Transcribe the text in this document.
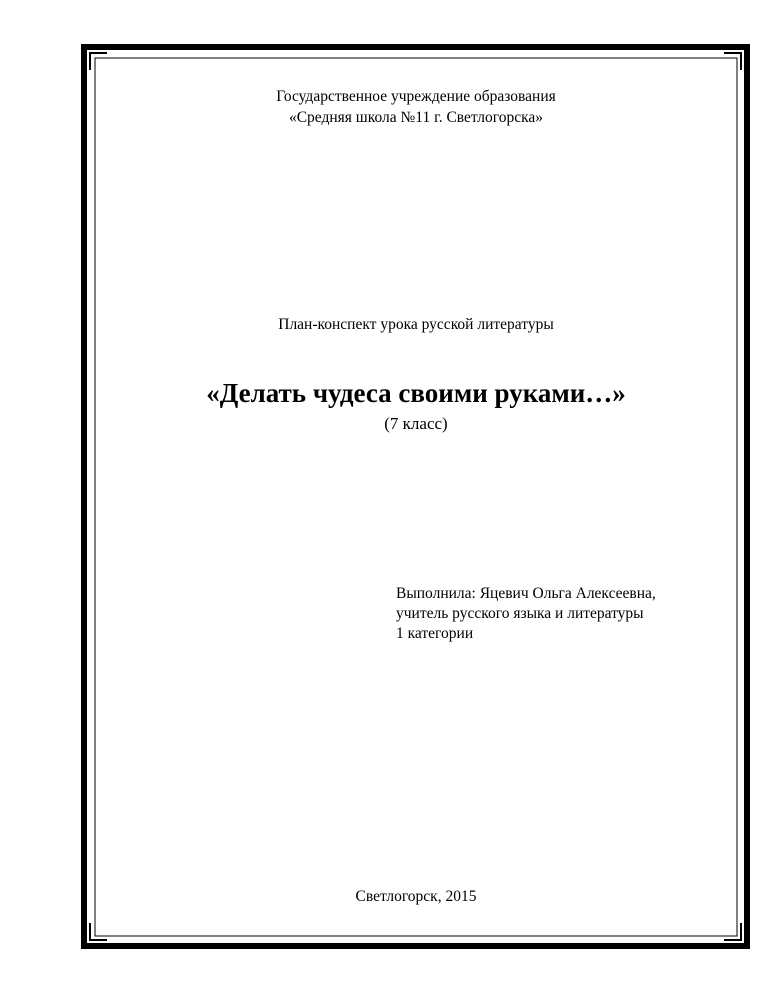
Государственное учреждение образования
«Средняя школа №11 г. Светлогорска»

План-конспект урока русской литературы

«Делать чудеса своими руками…»

(7 класс)

Выполнила: Яцевич Ольга Алексеевна,
учитель русского языка и литературы
1 категории

Светлогорск, 2015
